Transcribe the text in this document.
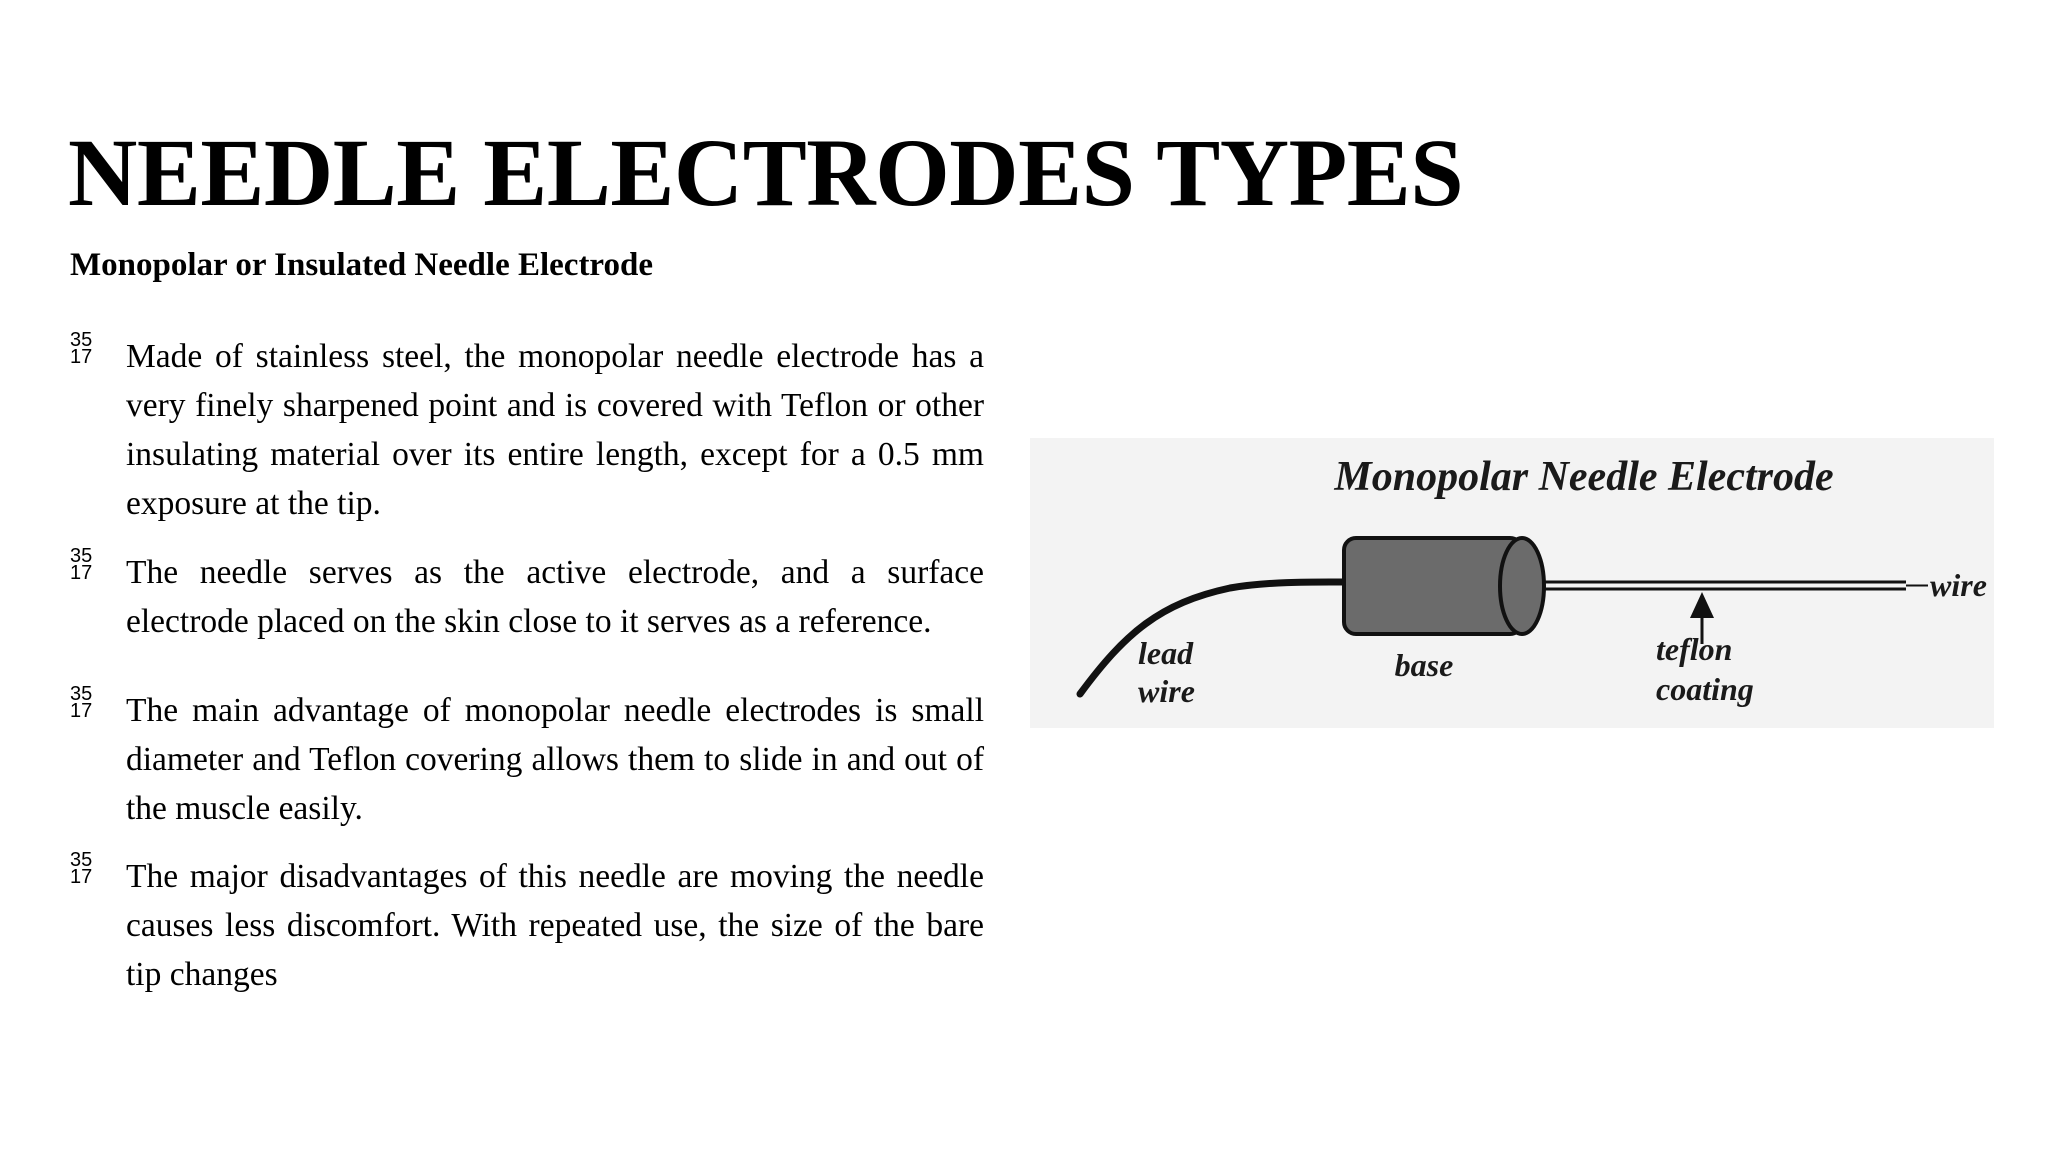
NEEDLE ELECTRODES TYPES
Monopolar or Insulated Needle Electrode
35
17 Made of stainless steel, the monopolar needle electrode has a very finely sharpened point and is covered with Teflon or other insulating material over its entire length, except for a 0.5 mm exposure at the tip.
35
17 The needle serves as the active electrode, and a surface electrode placed on the skin close to it serves as a reference.
35
17 The main advantage of monopolar needle electrodes is small diameter and Teflon covering allows them to slide in and out of the muscle easily.
35
17 The major disadvantages of this needle are moving the needle causes less discomfort. With repeated use, the size of the bare tip changes
Monopolar Needle Electrode
lead
wire
base	teflon
coating
wire
